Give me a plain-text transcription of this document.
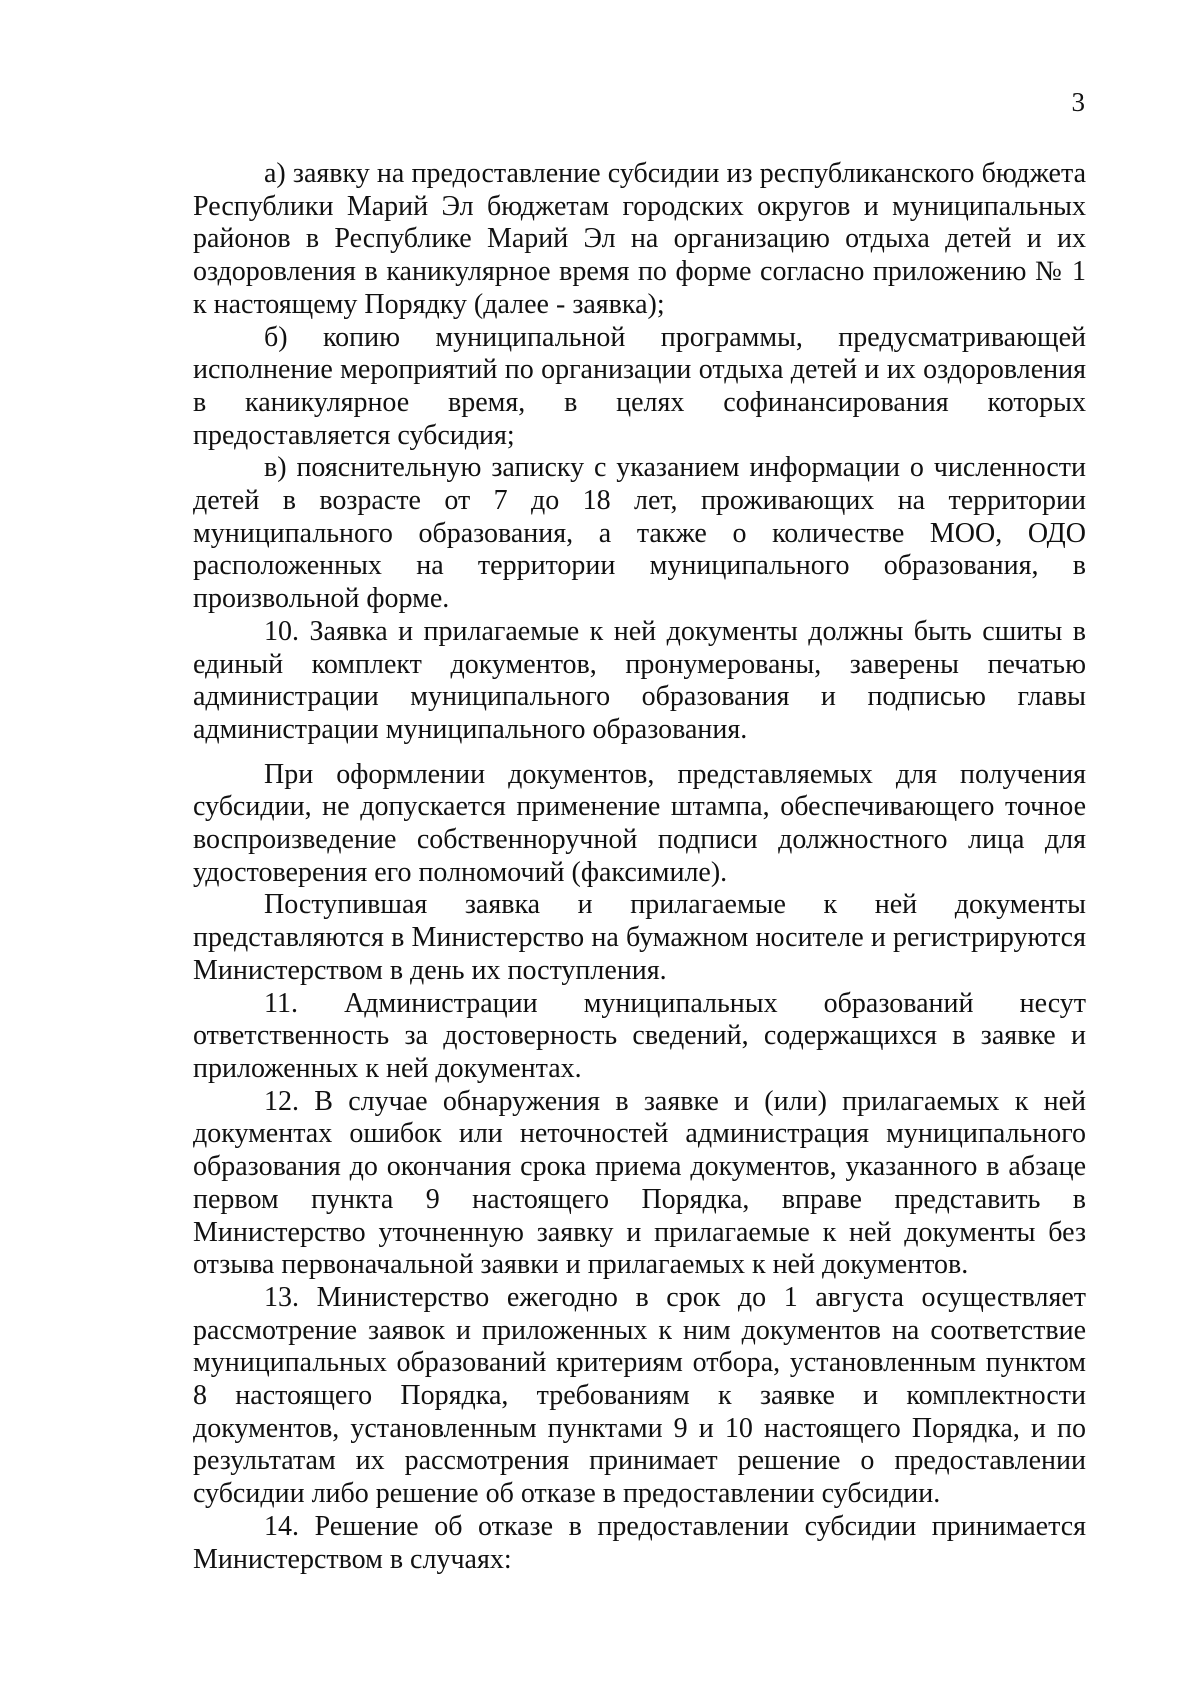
3

а) заявку на предоставление субсидии из республиканского бюджета Республики Марий Эл бюджетам городских округов и муниципальных районов в Республике Марий Эл на организацию отдыха детей и их оздоровления в каникулярное время по форме согласно приложению № 1 к настоящему Порядку (далее - заявка);

б) копию муниципальной программы, предусматривающей исполнение мероприятий по организации отдыха детей и их оздоровления в каникулярное время, в целях софинансирования которых предоставляется субсидия;

в) пояснительную записку с указанием информации о численности детей в возрасте от 7 до 18 лет, проживающих на территории муниципального образования, а также о количестве МОО, ОДО расположенных на территории муниципального образования, в произвольной форме.

10. Заявка и прилагаемые к ней документы должны быть сшиты в единый комплект документов, пронумерованы, заверены печатью администрации муниципального образования и подписью главы администрации муниципального образования.

При оформлении документов, представляемых для получения субсидии, не допускается применение штампа, обеспечивающего точное воспроизведение собственноручной подписи должностного лица для удостоверения его полномочий (факсимиле).

Поступившая заявка и прилагаемые к ней документы представляются в Министерство на бумажном носителе и регистрируются Министерством в день их поступления.

11. Администрации муниципальных образований несут ответственность за достоверность сведений, содержащихся в заявке и приложенных к ней документах.

12. В случае обнаружения в заявке и (или) прилагаемых к ней документах ошибок или неточностей администрация муниципального образования до окончания срока приема документов, указанного в абзаце первом пункта 9 настоящего Порядка, вправе представить в Министерство уточненную заявку и прилагаемые к ней документы без отзыва первоначальной заявки и прилагаемых к ней документов.

13. Министерство ежегодно в срок до 1 августа осуществляет рассмотрение заявок и приложенных к ним документов на соответствие муниципальных образований критериям отбора, установленным пунктом 8 настоящего Порядка, требованиям к заявке и комплектности документов, установленным пунктами 9 и 10 настоящего Порядка, и по результатам их рассмотрения принимает решение о предоставлении субсидии либо решение об отказе в предоставлении субсидии.

14. Решение об отказе в предоставлении субсидии принимается Министерством в случаях:
